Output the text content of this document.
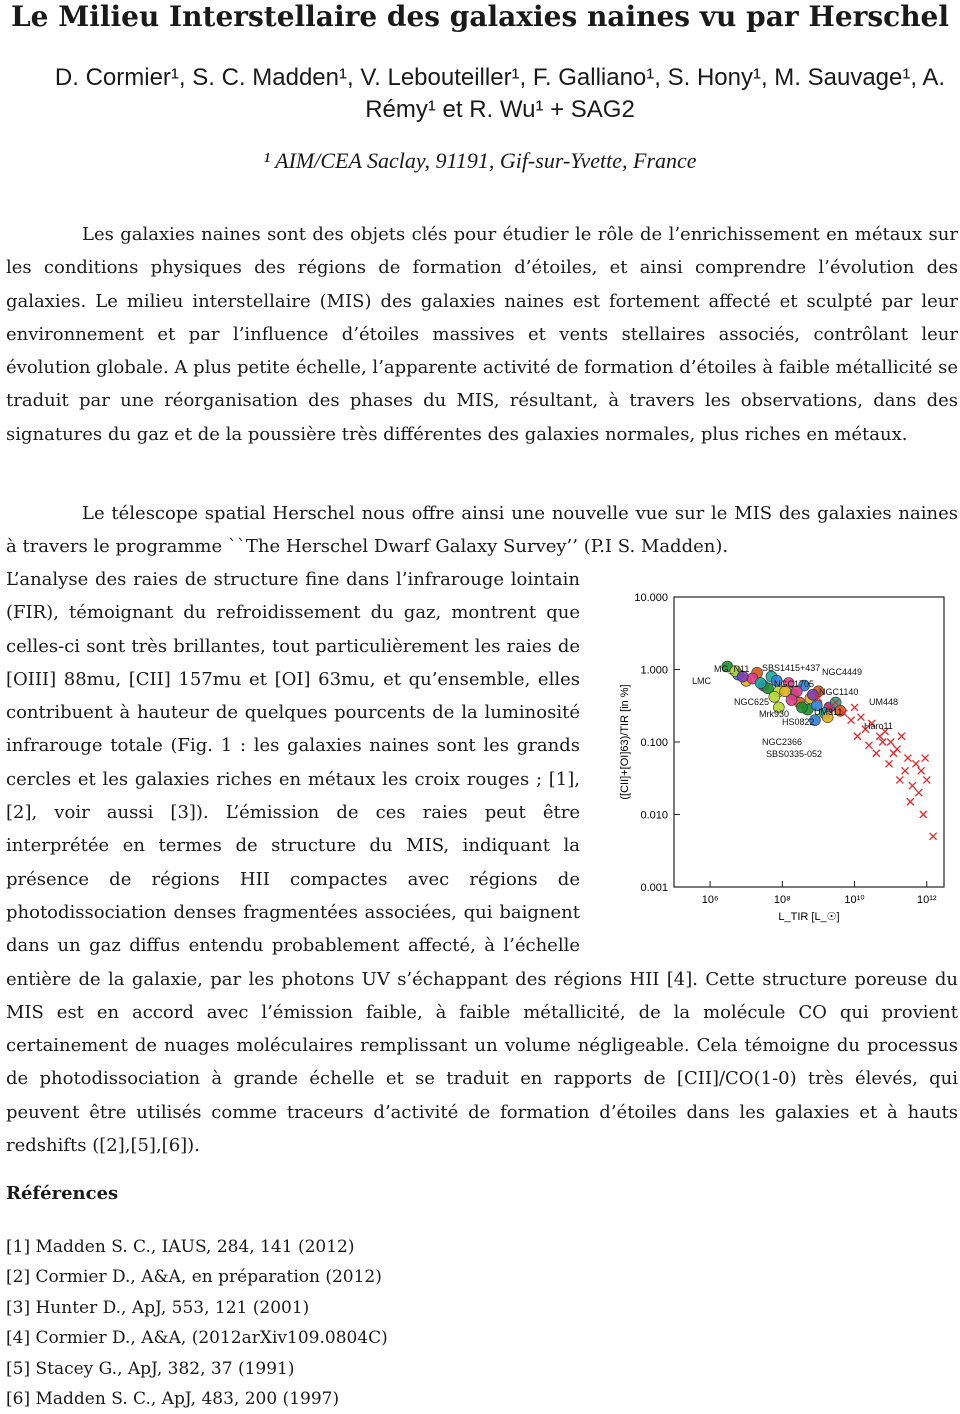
Le Milieu Interstellaire des galaxies naines vu par Herschel

D. Cormier¹, S. C. Madden¹, V. Lebouteiller¹, F. Galliano¹, S. Hony¹, M. Sauvage¹, A. Rémy¹ et R. Wu¹ + SAG2

¹ AIM/CEA Saclay, 91191, Gif-sur-Yvette, France

Les galaxies naines sont des objets clés pour étudier le rôle de l’enrichissement en métaux sur les conditions physiques des régions de formation d’étoiles, et ainsi comprendre l’évolution des galaxies. Le milieu interstellaire (MIS) des galaxies naines est fortement affecté et sculpté par leur environnement et par l’influence d’étoiles massives et vents stellaires associés, contrôlant leur évolution globale. A plus petite échelle, l’apparente activité de formation d’étoiles à faible métallicité se traduit par une réorganisation des phases du MIS, résultant, à travers les observations, dans des signatures du gaz et de la poussière très différentes des galaxies normales, plus riches en métaux.

Le télescope spatial Herschel nous offre ainsi une nouvelle vue sur le MIS des galaxies naines à travers le programme ``The Herschel Dwarf Galaxy Survey’’ (P.I S. Madden).

10.000
1.000
0.100
0.010
0.001
10⁶	10⁸	10¹⁰	10¹²
L_TIR [L_☉]
([CII]+[OI]63)/TIR [in %]
MG_N11
LMC
SBS1415+437 NGC4449
UM448
NGC1140
NGC1705
Mrk930
HS0822
NGC2366
SBS0335-052
Haro11
UM311
NGC625

L’analyse des raies de structure fine dans l’infrarouge lointain (FIR), témoignant du refroidissement du gaz, montrent que celles-ci sont très brillantes, tout particulièrement les raies de [OIII] 88mu, [CII] 157mu et [OI] 63mu, et qu’ensemble, elles contribuent à hauteur de quelques pourcents de la luminosité infrarouge totale (Fig. 1 : les galaxies naines sont les grands cercles et les galaxies riches en métaux les croix rouges ; [1],[2], voir aussi [3]). L’émission de ces raies peut être interprétée en termes de structure du MIS, indiquant la présence de régions HII compactes avec régions de photodissociation denses fragmentées associées, qui baignent dans un gaz diffus entendu probablement affecté, à l’échelle entière de la galaxie, par les photons UV s’échappant des régions HII [4]. Cette structure poreuse du MIS est en accord avec l’émission faible, à faible métallicité, de la molécule CO qui provient certainement de nuages moléculaires remplissant un volume négligeable. Cela témoigne du processus de photodissociation à grande échelle et se traduit en rapports de [CII]/CO(1-0) très élevés, qui peuvent être utilisés comme traceurs d’activité de formation d’étoiles dans les galaxies et à hauts redshifts ([2],[5],[6]).

Références
[1] Madden S. C., IAUS, 284, 141 (2012)
[2] Cormier D., A&A, en préparation (2012)
[3] Hunter D., ApJ, 553, 121 (2001)
[4] Cormier D., A&A, (2012arXiv109.0804C)
[5] Stacey G., ApJ, 382, 37 (1991)
[6] Madden S. C., ApJ, 483, 200 (1997)
